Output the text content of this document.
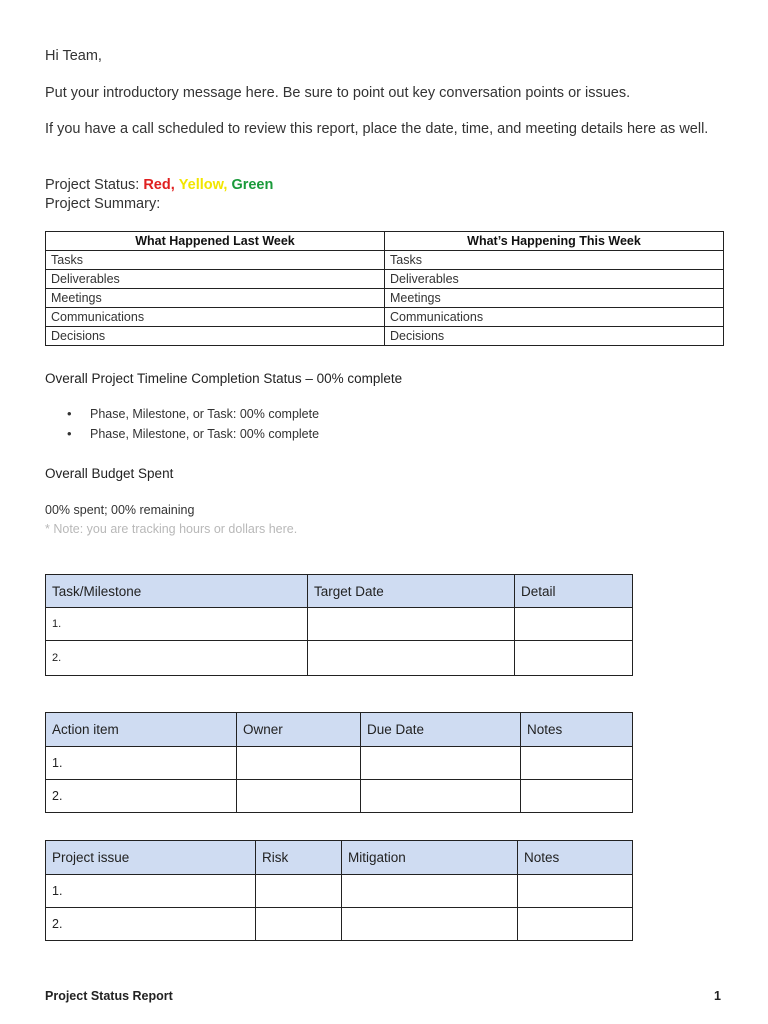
Hi Team,
Put your introductory message here. Be sure to point out key conversation points or issues.
If you have a call scheduled to review this report, place the date, time, and meeting details here as well.
Project Status: Red, Yellow, Green
Project Summary:
What Happened Last Week	What’s Happening This Week
Tasks	Tasks
Deliverables	Deliverables
Meetings	Meetings
Communications	Communications
Decisions	Decisions
Overall Project Timeline Completion Status – 00% complete
• Phase, Milestone, or Task: 00% complete
• Phase, Milestone, or Task: 00% complete
Overall Budget Spent
00% spent; 00% remaining
* Note: you are tracking hours or dollars here.
Task/Milestone	Target Date	Detail
1.		
2.		
Action item	Owner	Due Date	Notes
1.			
2.			
Project issue	Risk	Mitigation	Notes
1.			
2.			
Project Status Report	1
